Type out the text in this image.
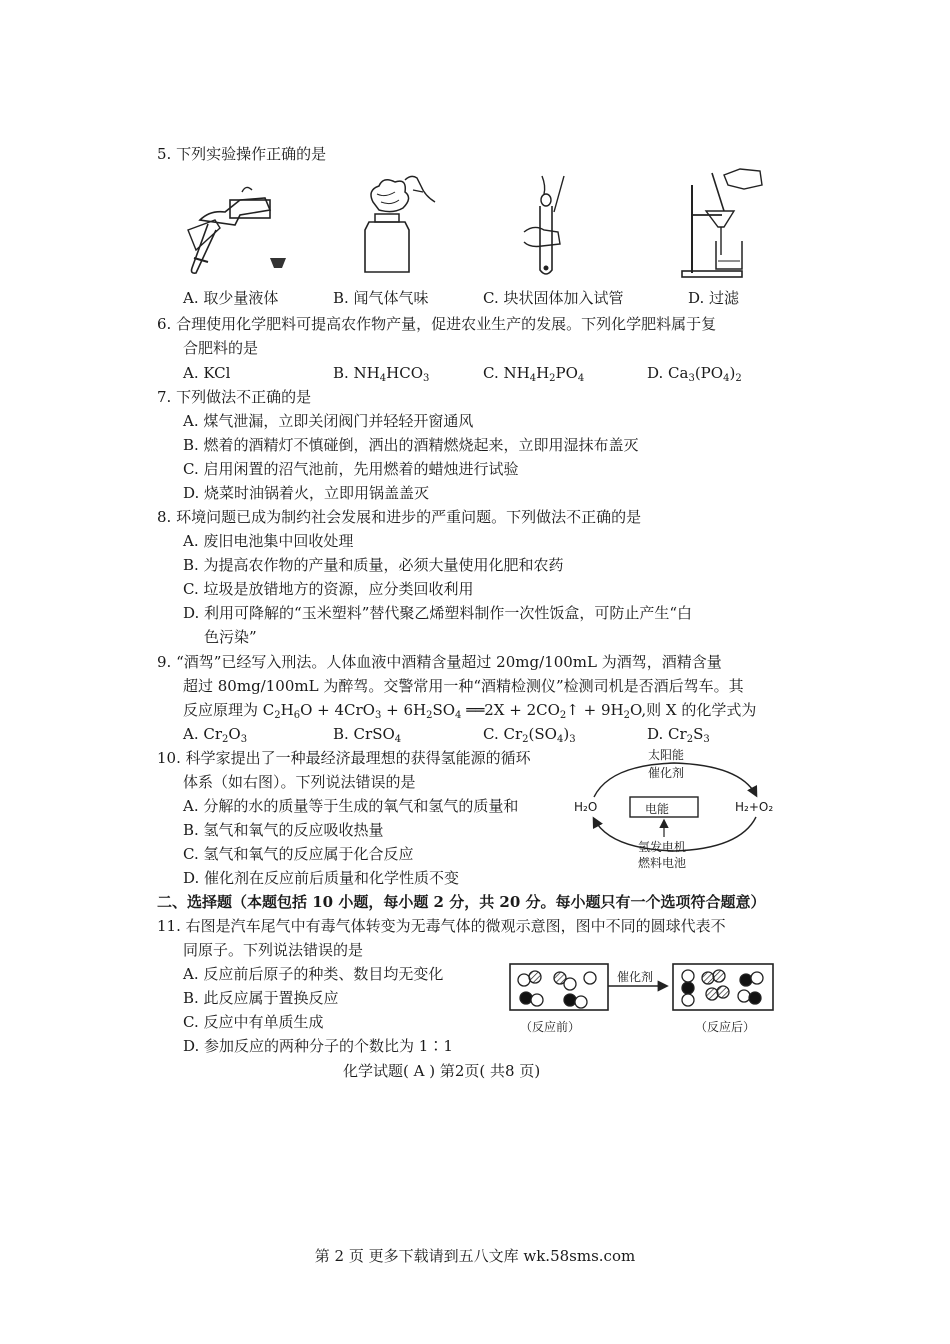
5. 下列实验操作正确的是
A. 取少量液体	B. 闻气体气味	C. 块状固体加入试管	D. 过滤
6. 合理使用化学肥料可提高农作物产量，促进农业生产的发展。下列化学肥料属于复
合肥料的是
A. KCl	B. $NH_4HCO_3$	C. $NH_4H_2PO_4$	D. $Ca_3(PO_4)_2$
7. 下列做法不正确的是
A. 煤气泄漏，立即关闭阀门并轻轻开窗通风
B. 燃着的酒精灯不慎碰倒，洒出的酒精燃烧起来，立即用湿抹布盖灭
C. 启用闲置的沼气池前，先用燃着的蜡烛进行试验
D. 烧菜时油锅着火，立即用锅盖盖灭
8. 环境问题已成为制约社会发展和进步的严重问题。下列做法不正确的是
A. 废旧电池集中回收处理
B. 为提高农作物的产量和质量，必须大量使用化肥和农药
C. 垃圾是放错地方的资源，应分类回收利用
D. 利用可降解的“玉米塑料”替代聚乙烯塑料制作一次性饭盒，可防止产生“白
色污染”
9. “酒驾”已经写入刑法。人体血液中酒精含量超过 20mg/100mL 为酒驾，酒精含量
超过 80mg/100mL 为醉驾。交警常用一种“酒精检测仪”检测司机是否酒后驾车。其
反应原理为 $C_2H_6O + 4CrO_3 + 6H_2SO_4$ ══2X + $2CO_2↑ + 9H_2O$,则 X 的化学式为
A. $Cr_2O_3$	B. CrSO$_4$	C. $Cr_2(SO_4)_3$	D. $Cr_2S_3$
10. 科学家提出了一种最经济最理想的获得氢能源的循环
体系（如右图）。下列说法错误的是
A. 分解的水的质量等于生成的氧气和氢气的质量和
B. 氢气和氧气的反应吸收热量
C. 氢气和氧气的反应属于化合反应
D. 催化剂在反应前后质量和化学性质不变
太阳能
催化剂
H₂O	H₂+O₂
电能
氢发电机
燃料电池
二、选择题（本题包括 10 小题，每小题 2 分，共 20 分。每小题只有一个选项符合题意）
11. 右图是汽车尾气中有毒气体转变为无毒气体的微观示意图，图中不同的圆球代表不
同原子。下列说法错误的是
A. 反应前后原子的种类、数目均无变化
B. 此反应属于置换反应
C. 反应中有单质生成
D. 参加反应的两种分子的个数比为 1∶1
催化剂
（反应前）	（反应后）
化学试题( A ) 第2页( 共8 页)
第 2 页 更多下载请到五八文库 wk.58sms.com
